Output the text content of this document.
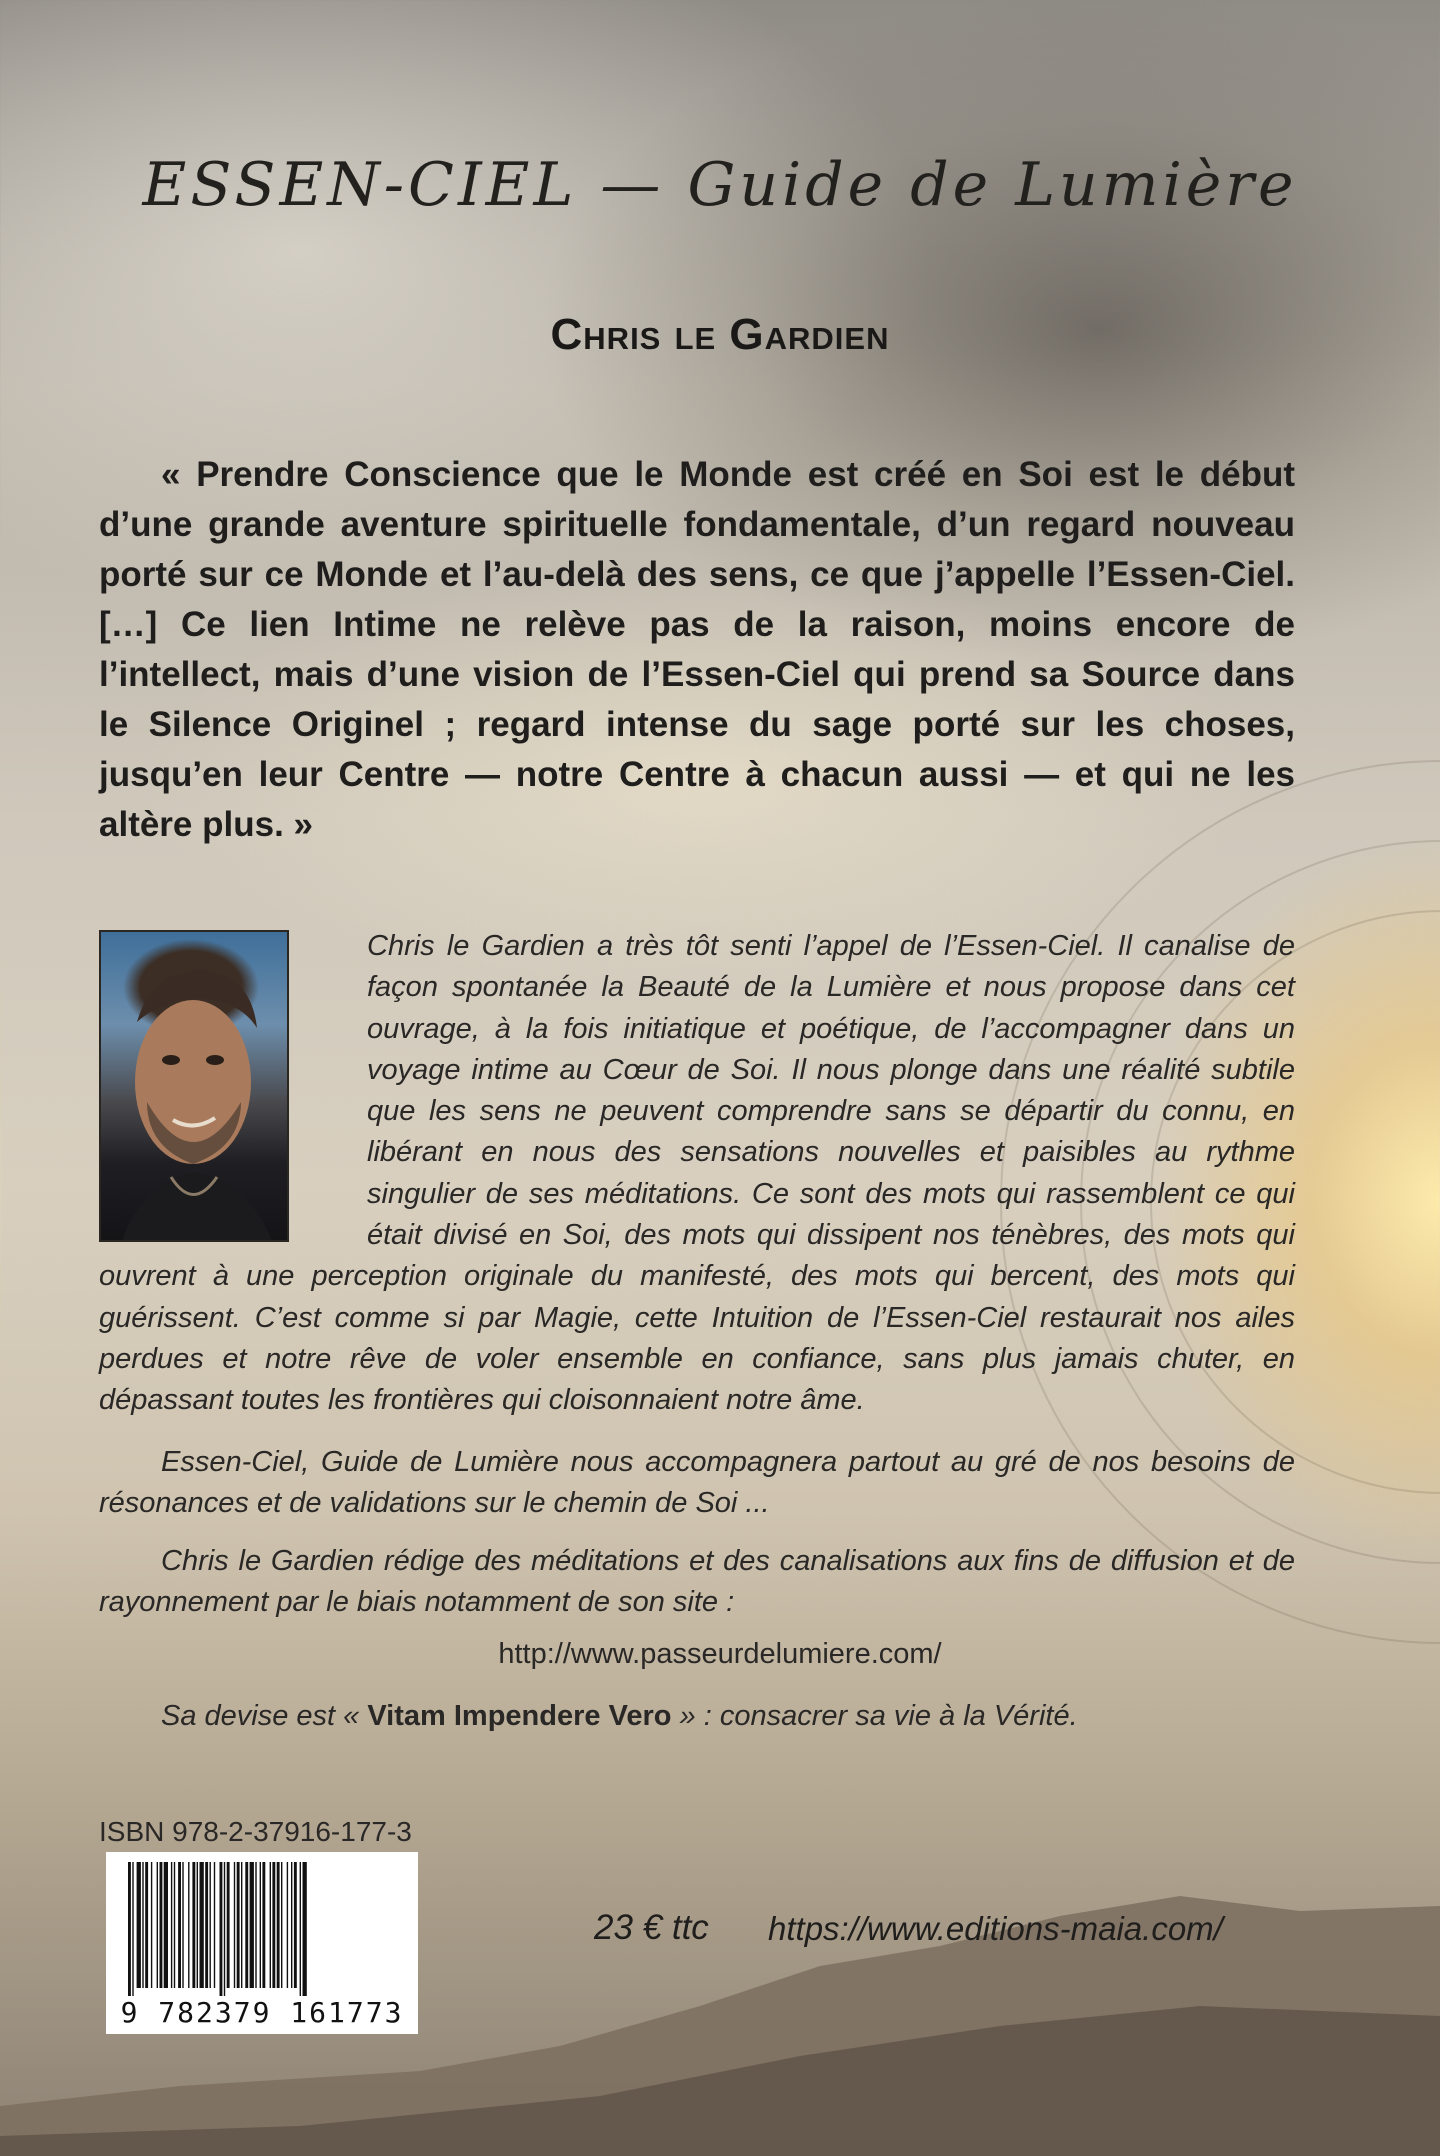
ESSEN-CIEL — Guide de Lumière
Chris le Gardien

« Prendre Conscience que le Monde est créé en Soi est le début d’une grande aventure spirituelle fondamentale, d’un regard nouveau porté sur ce Monde et l’au-delà des sens, ce que j’appelle l’Essen-Ciel. […] Ce lien Intime ne relève pas de la raison, moins encore de l’intellect, mais d’une vision de l’Essen-Ciel qui prend sa Source dans le Silence Originel ; regard intense du sage porté sur les choses, jusqu’en leur Centre — notre Centre à chacun aussi — et qui ne les altère plus. »

Chris le Gardien a très tôt senti l’appel de l’Essen-Ciel. Il canalise de façon spontanée la Beauté de la Lumière et nous propose dans cet ouvrage, à la fois initiatique et poétique, de l’accompagner dans un voyage intime au Cœur de Soi. Il nous plonge dans une réalité subtile que les sens ne peuvent comprendre sans se départir du connu, en libérant en nous des sensations nouvelles et paisibles au rythme singulier de ses méditations. Ce sont des mots qui rassemblent ce qui était divisé en Soi, des mots qui dissipent nos ténèbres, des mots qui ouvrent à une perception originale du manifesté, des mots qui bercent, des mots qui guérissent. C’est comme si par Magie, cette Intuition de l’Essen-Ciel restaurait nos ailes perdues et notre rêve de voler ensemble en confiance, sans plus jamais chuter, en dépassant toutes les frontières qui cloisonnaient notre âme.

Essen-Ciel, Guide de Lumière nous accompagnera partout au gré de nos besoins de résonances et de validations sur le chemin de Soi ...

Chris le Gardien rédige des méditations et des canalisations aux fins de diffusion et de rayonnement par le biais notamment de son site :

http://www.passeurdelumiere.com/
Sa devise est « Vitam Impendere Vero » : consacrer sa vie à la Vérité.
ISBN 978-2-37916-177-3
9 782379 161773
23 € ttc https://www.editions-maia.com/
